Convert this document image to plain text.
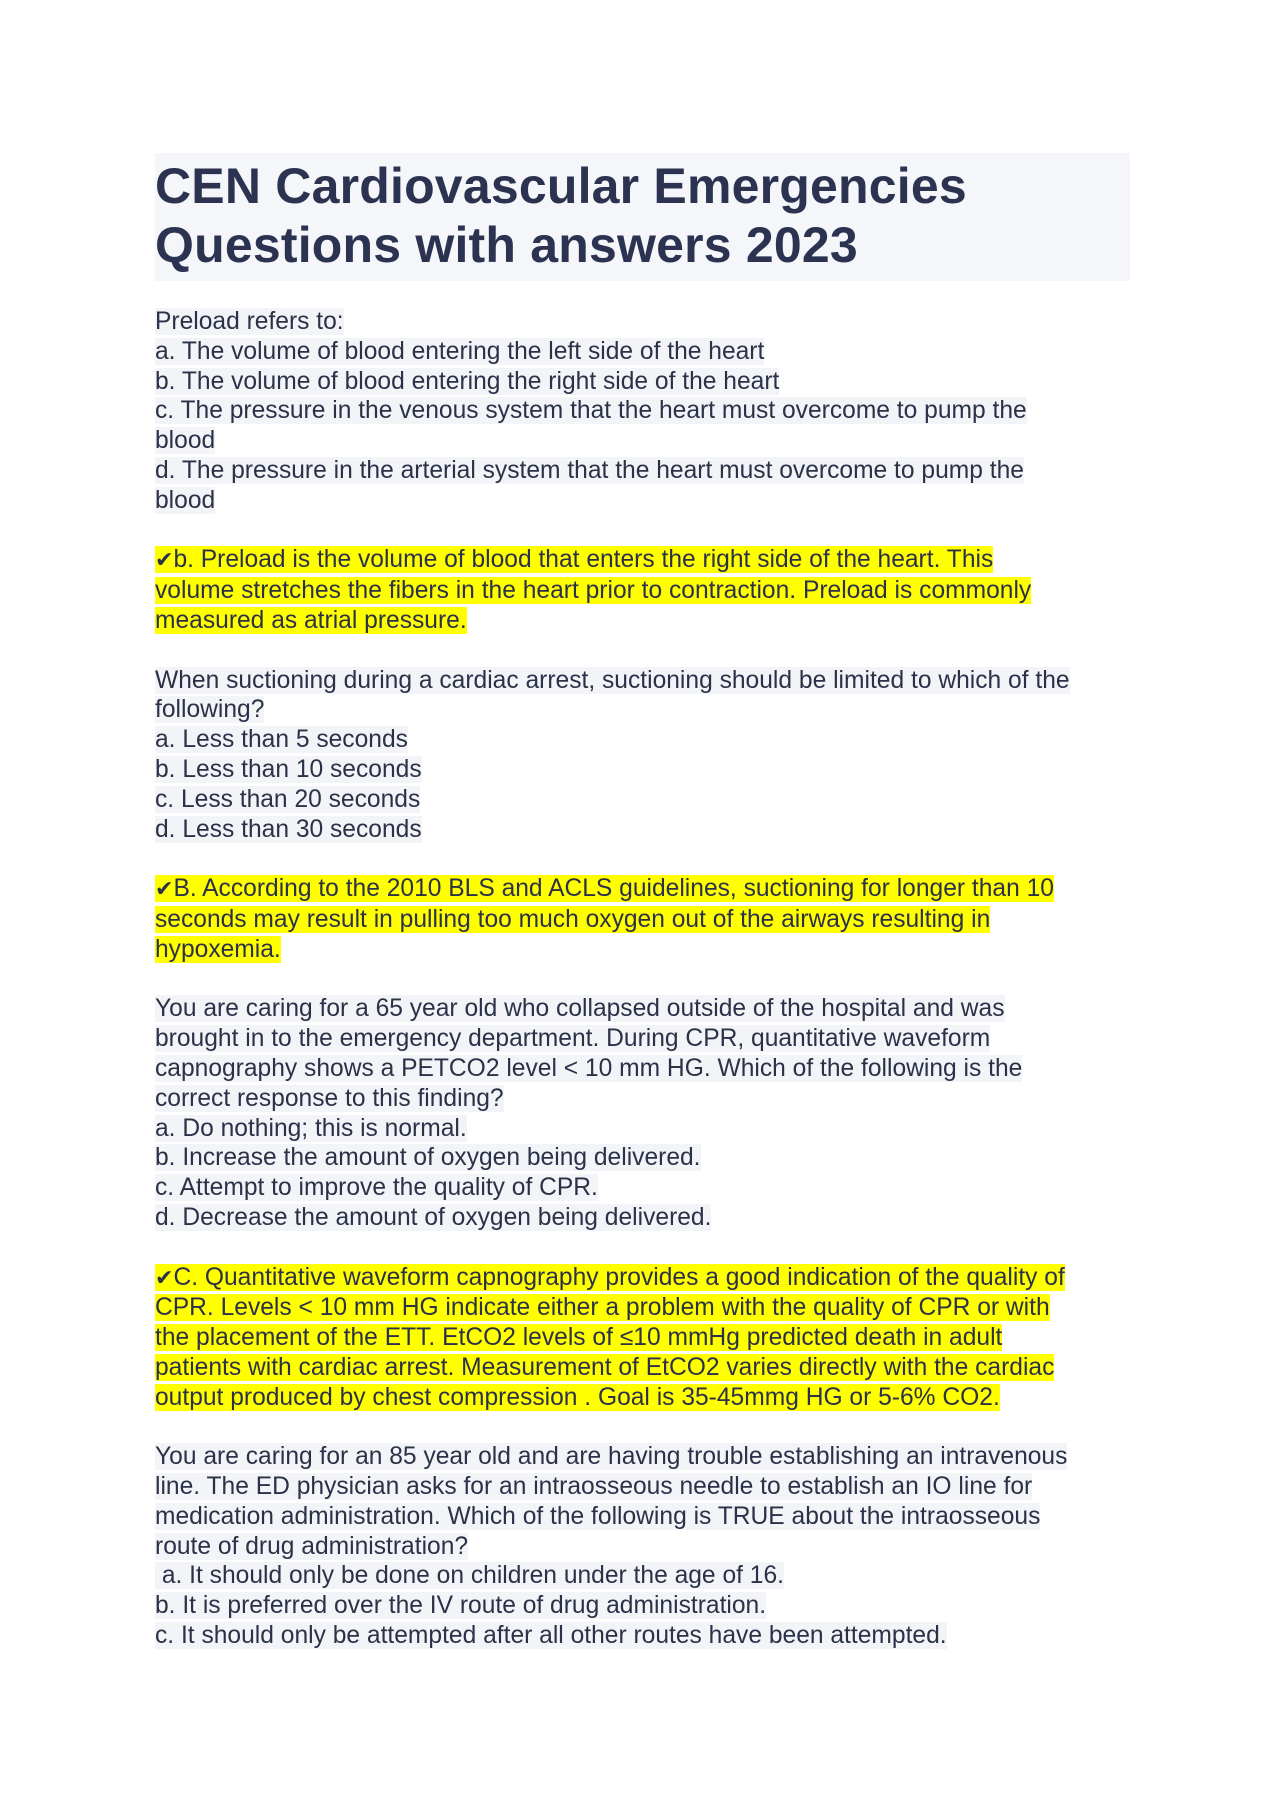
CEN Cardiovascular Emergencies
Questions with answers 2023
Preload refers to:
a. The volume of blood entering the left side of the heart
b. The volume of blood entering the right side of the heart
c. The pressure in the venous system that the heart must overcome to pump the
blood
d. The pressure in the arterial system that the heart must overcome to pump the
blood
✔b. Preload is the volume of blood that enters the right side of the heart. This
volume stretches the fibers in the heart prior to contraction. Preload is commonly
measured as atrial pressure.
When suctioning during a cardiac arrest, suctioning should be limited to which of the
following?
a. Less than 5 seconds
b. Less than 10 seconds
c. Less than 20 seconds
d. Less than 30 seconds
✔B. According to the 2010 BLS and ACLS guidelines, suctioning for longer than 10
seconds may result in pulling too much oxygen out of the airways resulting in
hypoxemia.
You are caring for a 65 year old who collapsed outside of the hospital and was
brought in to the emergency department. During CPR, quantitative waveform
capnography shows a PETCO2 level < 10 mm HG. Which of the following is the
correct response to this finding?
a. Do nothing; this is normal.
b. Increase the amount of oxygen being delivered.
c. Attempt to improve the quality of CPR.
d. Decrease the amount of oxygen being delivered.
✔C. Quantitative waveform capnography provides a good indication of the quality of
CPR. Levels < 10 mm HG indicate either a problem with the quality of CPR or with
the placement of the ETT. EtCO2 levels of ≤10 mmHg predicted death in adult
patients with cardiac arrest. Measurement of EtCO2 varies directly with the cardiac
output produced by chest compression . Goal is 35-45mmg HG or 5-6% CO2.
You are caring for an 85 year old and are having trouble establishing an intravenous
line. The ED physician asks for an intraosseous needle to establish an IO line for
medication administration. Which of the following is TRUE about the intraosseous
route of drug administration?
a. It should only be done on children under the age of 16.
b. It is preferred over the IV route of drug administration.
c. It should only be attempted after all other routes have been attempted.
